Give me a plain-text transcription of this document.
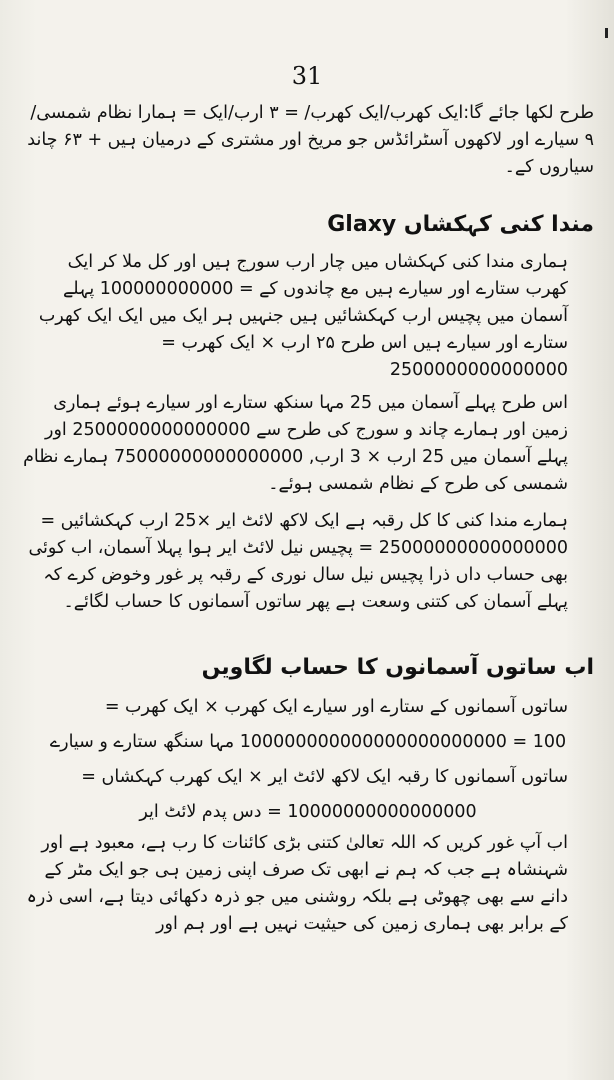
31

طرح لکھا جائے گا:ایک کھرب/ایک کھرب/ = ۳ ارب/ایک = ہمارا نظام شمسی/ ۹ سیارے اور لاکھوں آسٹرائڈس جو مریخ اور مشتری کے درمیان ہیں + ۶۳ چاند سیاروں کے۔

مندا کنی کہکشاں Glaxy

ہماری مندا کنی کہکشاں میں چار ارب سورج ہیں اور کل ملا کر ایک کھرب ستارے اور سیارے ہیں مع چاندوں کے = 100000000000 پہلے آسمان میں پچیس ارب کہکشائیں ہیں جنہیں ہر ایک میں ایک ایک کھرب ستارے اور سیارے ہیں اس طرح ۲۵ ارب × ایک کھرب = 2500000000000000

اس طرح پہلے آسمان میں 25 مہا سنکھ ستارے اور سیارے ہوئے ہماری زمین اور ہمارے چاند و سورج کی طرح سے 2500000000000000 اور پہلے آسمان میں 25 ارب × 3 ارب, 75000000000000000 ہمارے نظام شمسی کی طرح کے نظام شمسی ہوئے۔

ہمارے مندا کنی کا کل رقبہ ہے ایک لاکھ لائٹ ایر ×25 ارب کہکشائیں = 25000000000000000 = پچیس نیل لائٹ ایر ہوا پہلا آسمان، اب کوئی بھی حساب داں ذرا پچیس نیل سال نوری کے رقبہ پر غور وخوض کرے کہ پہلے آسمان کی کتنی وسعت ہے پھر ساتوں آسمانوں کا حساب لگائے۔

اب ساتوں آسمانوں کا حساب لگاویں
ساتوں آسمانوں کے ستارے اور سیارے ایک کھرب × ایک کھرب =
100 = 100000000000000000000000 مہا سنگھ ستارے و سیارے
ساتوں آسمانوں کا رقبہ ایک لاکھ لائٹ ایر × ایک کھرب کہکشاں =
10000000000000000 = دس پدم لائٹ ایر

اب آپ غور کریں کہ اللہ تعالیٰ کتنی بڑی کائنات کا رب ہے، معبود ہے اور شہنشاہ ہے جب کہ ہم نے ابھی تک صرف اپنی زمین ہی جو ایک مٹر کے دانے سے بھی چھوٹی ہے بلکہ روشنی میں جو ذرہ دکھائی دیتا ہے، اسی ذرہ کے برابر بھی ہماری زمین کی حیثیت نہیں ہے اور ہم اور
